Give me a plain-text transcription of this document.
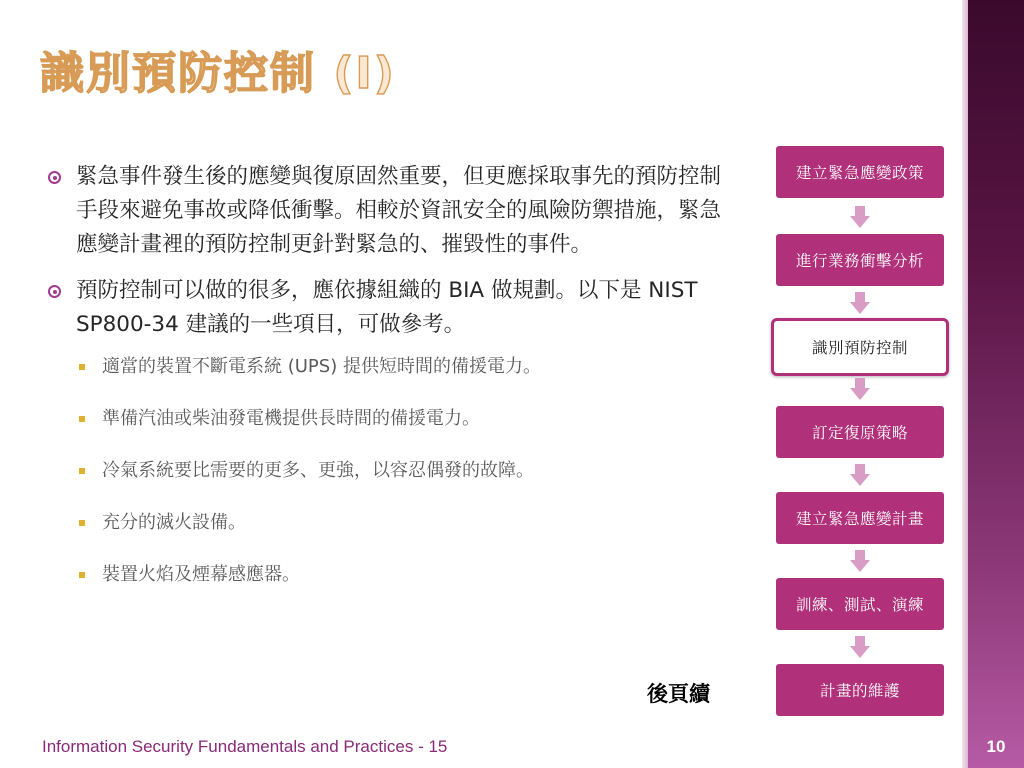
識別預防控制 (I)

緊急事件發生後的應變與復原固然重要，但更應採取事先的預防控制手段來避免事故或降低衝擊。相較於資訊安全的風險防禦措施，緊急應變計畫裡的預防控制更針對緊急的、摧毀性的事件。

預防控制可以做的很多，應依據組織的 BIA 做規劃。以下是 NIST SP800-34 建議的一些項目，可做參考。

適當的裝置不斷電系統 (UPS) 提供短時間的備援電力。

準備汽油或柴油發電機提供長時間的備援電力。

冷氣系統要比需要的更多、更強，以容忍偶發的故障。

充分的滅火設備。

裝置火焰及煙幕感應器。

後頁續
建立緊急應變政策
進行業務衝擊分析
識別預防控制
訂定復原策略
建立緊急應變計畫
訓練、測試、演練
計畫的維護
Information Security Fundamentals and Practices - 15	10
